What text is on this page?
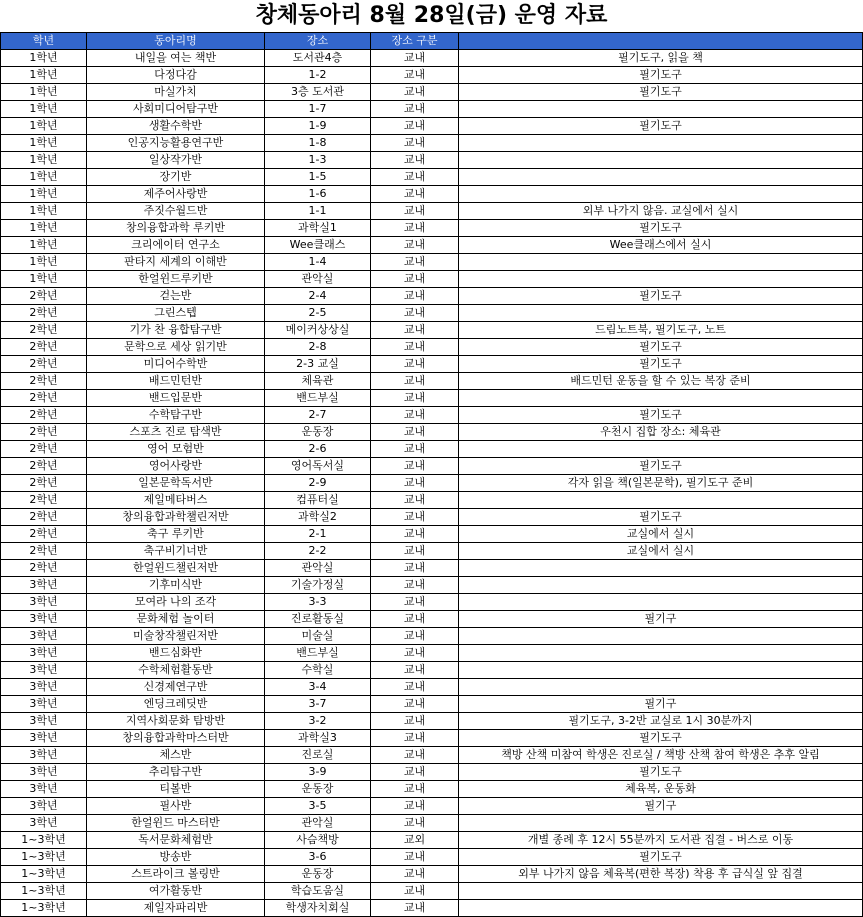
창체동아리 8월 28일(금) 운영 자료
학년	동아리명	장소	장소 구분	
1학년	내일을 여는 책반	도서관4층	교내	필기도구, 읽을 책
1학년	다정다감	1-2	교내	필기도구
1학년	마실가치	3층 도서관	교내	필기도구
1학년	사회미디어탐구반	1-7	교내	
1학년	생활수학반	1-9	교내	필기도구
1학년	인공지능활용연구반	1-8	교내	
1학년	일상작가반	1-3	교내	
1학년	장기반	1-5	교내	
1학년	제주어사랑반	1-6	교내	
1학년	주짓수월드반	1-1	교내	외부 나가지 않음. 교실에서 실시
1학년	창의융합과학 루키반	과학실1	교내	필기도구
1학년	크리에이터 연구소	Wee클래스	교내	Wee클래스에서 실시
1학년	판타지 세계의 이해반	1-4	교내	
1학년	한얼윈드루키반	관악실	교내	
2학년	걷는반	2-4	교내	필기도구
2학년	그린스텝	2-5	교내	
2학년	기가 찬 융합탐구반	메이커상상실	교내	드림노트북, 필기도구, 노트
2학년	문학으로 세상 읽기반	2-8	교내	필기도구
2학년	미디어수학반	2-3 교실	교내	필기도구
2학년	배드민턴반	체육관	교내	배드민턴 운동을 할 수 있는 복장 준비
2학년	밴드입문반	밴드부실	교내	
2학년	수학탐구반	2-7	교내	필기도구
2학년	스포츠 진로 탐색반	운동장	교내	우천시 집합 장소: 체육관
2학년	영어 모험반	2-6	교내	
2학년	영어사랑반	영어독서실	교내	필기도구
2학년	일본문학독서반	2-9	교내	각자 읽을 책(일본문학), 필기도구 준비
2학년	제일메타버스	컴퓨터실	교내	
2학년	창의융합과학챌린저반	과학실2	교내	필기도구
2학년	축구 루키반	2-1	교내	교실에서 실시
2학년	축구비기너반	2-2	교내	교실에서 실시
2학년	한얼윈드챌린저반	관악실	교내	
3학년	기후미식반	기술가정실	교내	
3학년	모여라 나의 조각	3-3	교내	
3학년	문화체험 놀이터	진로활동실	교내	필기구
3학년	미술창작챌린저반	미술실	교내	
3학년	밴드심화반	밴드부실	교내	
3학년	수학체험활동반	수학실	교내	
3학년	신경제연구반	3-4	교내	
3학년	엔딩크레딧반	3-7	교내	필기구
3학년	지역사회문화 탐방반	3-2	교내	필기도구, 3-2반 교실로 1시 30분까지
3학년	창의융합과학마스터반	과학실3	교내	필기도구
3학년	체스반	진로실	교내	책방 산책 미참여 학생은 진로실 / 책방 산책 참여 학생은 추후 알림
3학년	추리탐구반	3-9	교내	필기도구
3학년	티볼반	운동장	교내	체육복, 운동화
3학년	필사반	3-5	교내	필기구
3학년	한얼윈드 마스터반	관악실	교내	
1~3학년	독서문화체험반	사슴책방	교외	개별 종례 후 12시 55분까지 도서관 집결 - 버스로 이동
1~3학년	방송반	3-6	교내	필기도구
1~3학년	스트라이크 볼링반	운동장	교내	외부 나가지 않음 체육복(편한 복장) 착용 후 급식실 앞 집결
1~3학년	여가활동반	학습도움실	교내	
1~3학년	제일자파리반	학생자치회실	교내	
